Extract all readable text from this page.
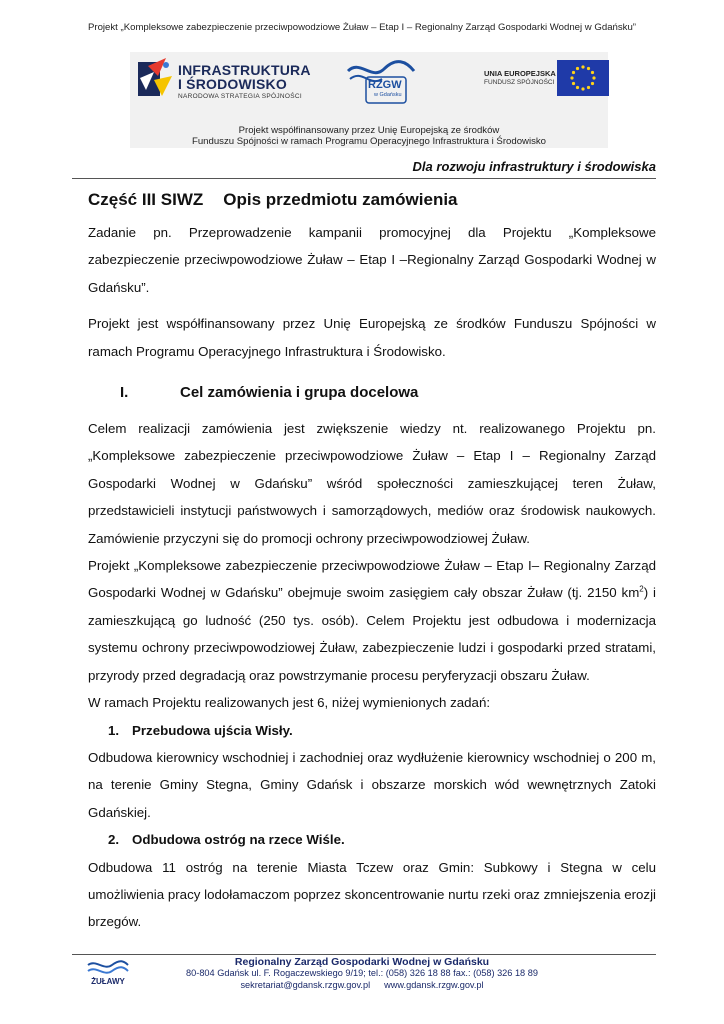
Projekt „Kompleksowe zabezpieczenie przeciwpowodziowe Żuław – Etap I – Regionalny Zarząd Gospodarki Wodnej w Gdańsku”
INFRASTRUKTURA
I ŚRODOWISKO
NARODOWA STRATEGIA SPÓJNOŚCI
RZGW
w Gdańsku
UNIA EUROPEJSKA
FUNDUSZ SPÓJNOŚCI
Projekt współfinansowany przez Unię Europejską ze środków
Funduszu Spójności w ramach Programu Operacyjnego Infrastruktura i Środowisko
Dla rozwoju infrastruktury i środowiska
Część III SIWZ Opis przedmiotu zamówienia

Zadanie pn. Przeprowadzenie kampanii promocyjnej dla Projektu „Kompleksowe zabezpieczenie przeciwpowodziowe Żuław – Etap I –Regionalny Zarząd Gospodarki Wodnej w Gdańsku”.

Projekt jest współfinansowany przez Unię Europejską ze środków Funduszu Spójności w ramach Programu Operacyjnego Infrastruktura i Środowisko.

I.	Cel zamówienia i grupa docelowa

Celem realizacji zamówienia jest zwiększenie wiedzy nt. realizowanego Projektu pn. „Kompleksowe zabezpieczenie przeciwpowodziowe Żuław – Etap I – Regionalny Zarząd Gospodarki Wodnej w Gdańsku” wśród społeczności zamieszkującej teren Żuław, przedstawicieli instytucji państwowych i samorządowych, mediów oraz środowisk naukowych. Zamówienie przyczyni się do promocji ochrony przeciwpowodziowej Żuław.

Projekt „Kompleksowe zabezpieczenie przeciwpowodziowe Żuław – Etap I– Regionalny Zarząd Gospodarki Wodnej w Gdańsku” obejmuje swoim zasięgiem cały obszar Żuław (tj. 2150 $km^2$) i zamieszkującą go ludność (250 tys. osób). Celem Projektu jest odbudowa i modernizacja systemu ochrony przeciwpowodziowej Żuław, zabezpieczenie ludzi i gospodarki przed stratami, przyrody przed degradacją oraz powstrzymanie procesu peryferyzacji obszaru Żuław.

W ramach Projektu realizowanych jest 6, niżej wymienionych zadań:

1. Przebudowa ujścia Wisły.

Odbudowa kierownicy wschodniej i zachodniej oraz wydłużenie kierownicy wschodniej o 200 m, na terenie Gminy Stegna, Gminy Gdańsk i obszarze morskich wód wewnętrznych Zatoki Gdańskiej.

2. Odbudowa ostróg na rzece Wiśle.

Odbudowa 11 ostróg na terenie Miasta Tczew oraz Gmin: Subkowy i Stegna w celu umożliwienia pracy lodołamaczom poprzez skoncentrowanie nurtu rzeki oraz zmniejszenia erozji brzegów.

ŻUŁAWY
Regionalny Zarząd Gospodarki Wodnej w Gdańsku
80-804 Gdańsk ul. F. Rogaczewskiego 9/19; tel.: (058) 326 18 88 fax.: (058) 326 18 89
sekretariat@gdansk.rzgw.gov.pl www.gdansk.rzgw.gov.pl
